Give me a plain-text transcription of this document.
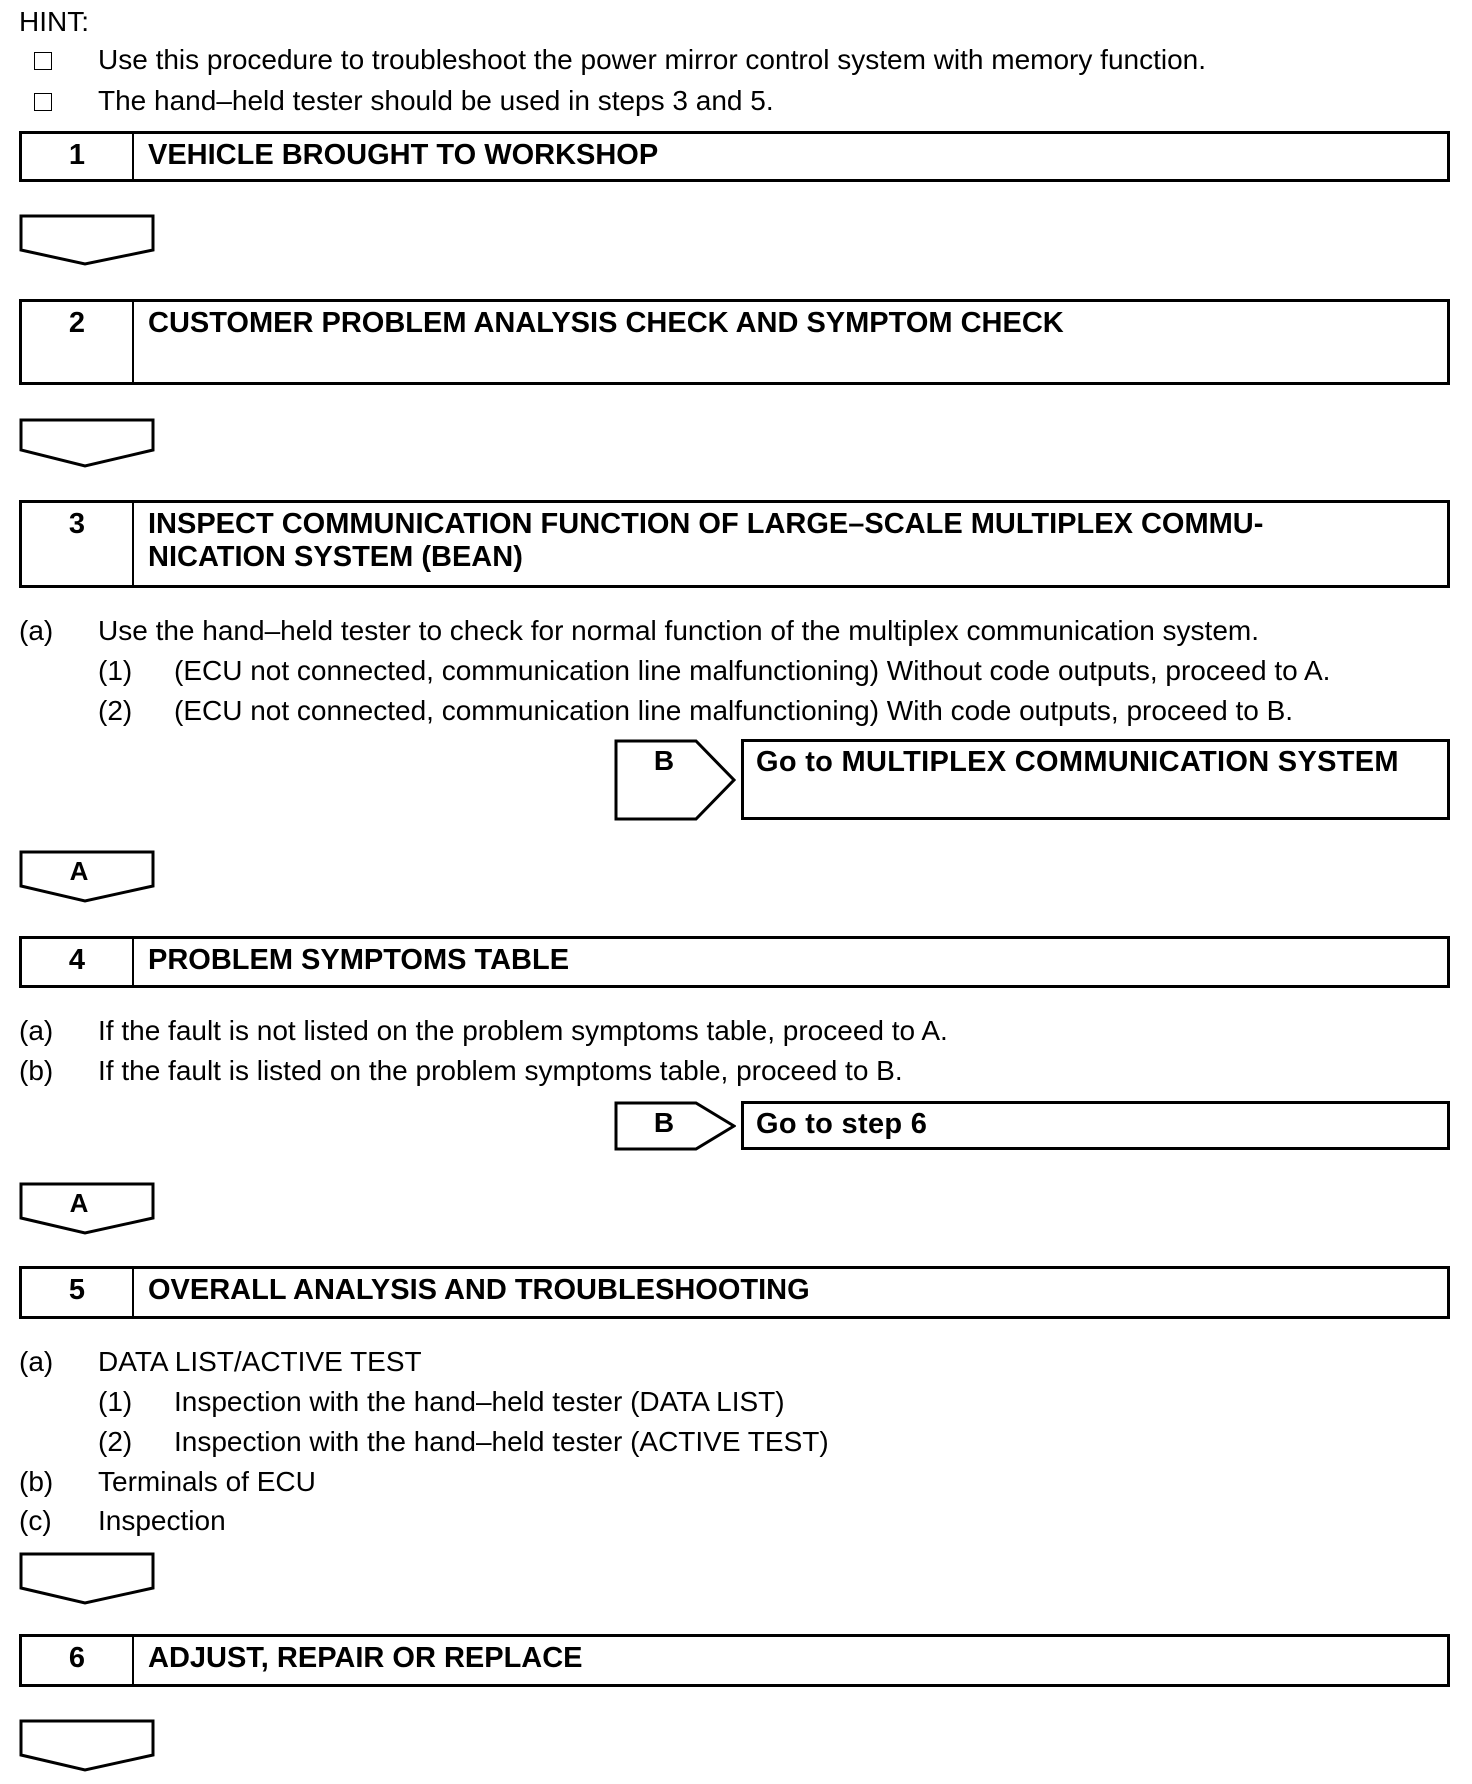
HINT:
Use this procedure to troubleshoot the power mirror control system with memory function.
The hand–held tester should be used in steps 3 and 5.
1	VEHICLE BROUGHT TO WORKSHOP
2	CUSTOMER PROBLEM ANALYSIS CHECK AND SYMPTOM CHECK
3	INSPECT COMMUNICATION FUNCTION OF LARGE–SCALE MULTIPLEX COMMU-
NICATION SYSTEM (BEAN)
(a) Use the hand–held tester to check for normal function of the multiplex communication system.
(1) (ECU not connected, communication line malfunctioning) Without code outputs, proceed to A.
(2) (ECU not connected, communication line malfunctioning) With code outputs, proceed to B.
B	Go to MULTIPLEX COMMUNICATION SYSTEM
A
4	PROBLEM SYMPTOMS TABLE
(a) If the fault is not listed on the problem symptoms table, proceed to A.
(b) If the fault is listed on the problem symptoms table, proceed to B.
B	Go to step 6
A
5	OVERALL ANALYSIS AND TROUBLESHOOTING
(a) DATA LIST/ACTIVE TEST
(1) Inspection with the hand–held tester (DATA LIST)
(2) Inspection with the hand–held tester (ACTIVE TEST)
(b) Terminals of ECU
(c) Inspection
6	ADJUST, REPAIR OR REPLACE
